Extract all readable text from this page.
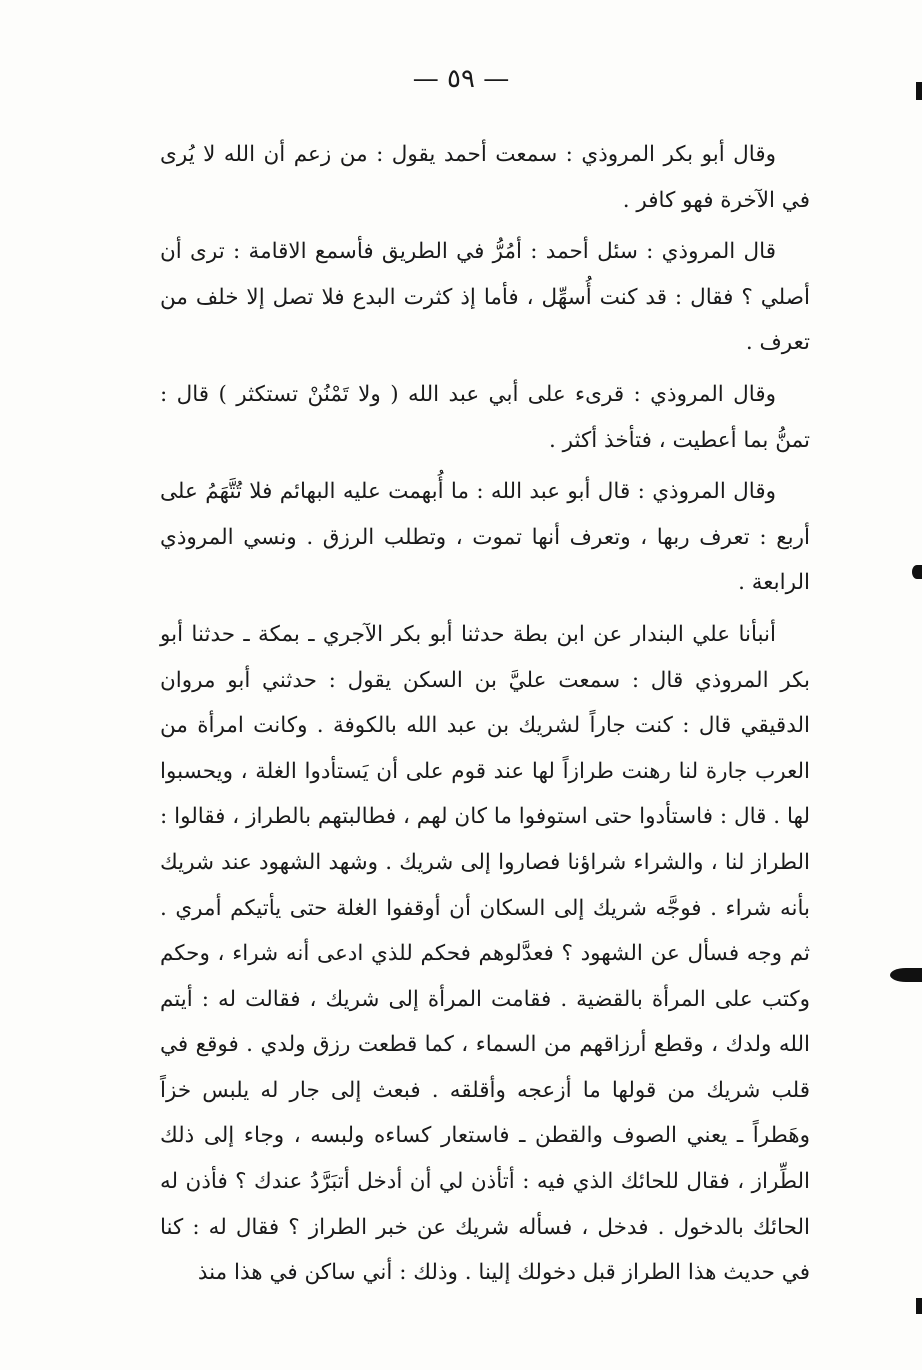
— ٥٩ —

وقال أبو بكر المروذي : سمعت أحمد يقول : من زعم أن الله لا يُرى في الآخرة فهو كافر .

قال المروذي : سئل أحمد : أمُرُّ في الطريق فأسمع الاقامة : ترى أن أصلي ؟ فقال : قد كنت أُسهِّل ، فأما إذ كثرت البدع فلا تصل إلا خلف من تعرف .

وقال المروذي : قرىء على أبي عبد الله ( ولا تَمْنُنْ تستكثر ) قال : تمنُّ بما أعطيت ، فتأخذ أكثر .

وقال المروذي : قال أبو عبد الله : ما أُبهمت عليه البهائم فلا تُتَّهَمُ على أربع : تعرف ربها ، وتعرف أنها تموت ، وتطلب الرزق . ونسي المروذي الرابعة .

أنبأنا علي البندار عن ابن بطة حدثنا أبو بكر الآجري ـ بمكة ـ حدثنا أبو بكر المروذي قال : سمعت عليَّ بن السكن يقول : حدثني أبو مروان الدقيقي قال : كنت جاراً لشريك بن عبد الله بالكوفة . وكانت امرأة من العرب جارة لنا رهنت طرازاً لها عند قوم على أن يَستأدوا الغلة ، ويحسبوا لها . قال : فاستأدوا حتى استوفوا ما كان لهم ، فطالبتهم بالطراز ، فقالوا : الطراز لنا ، والشراء شراؤنا فصاروا إلى شريك . وشهد الشهود عند شريك بأنه شراء . فوجَّه شريك إلى السكان أن أوقفوا الغلة حتى يأتيكم أمري . ثم وجه فسأل عن الشهود ؟ فعدَّلوهم فحكم للذي ادعى أنه شراء ، وحكم وكتب على المرأة بالقضية . فقامت المرأة إلى شريك ، فقالت له : أيتم الله ولدك ، وقطع أرزاقهم من السماء ، كما قطعت رزق ولدي . فوقع في قلب شريك من قولها ما أزعجه وأقلقه . فبعث إلى جار له يلبس خزاً وهَطراً ـ يعني الصوف والقطن ـ فاستعار كساءه ولبسه ، وجاء إلى ذلك الطِّراز ، فقال للحائك الذي فيه : أتأذن لي أن أدخل أتبَرَّدُ عندك ؟ فأذن له الحائك بالدخول . فدخل ، فسأله شريك عن خبر الطراز ؟ فقال له : كنا في حديث هذا الطراز قبل دخولك إلينا . وذلك : أني ساكن في هذا منذ
